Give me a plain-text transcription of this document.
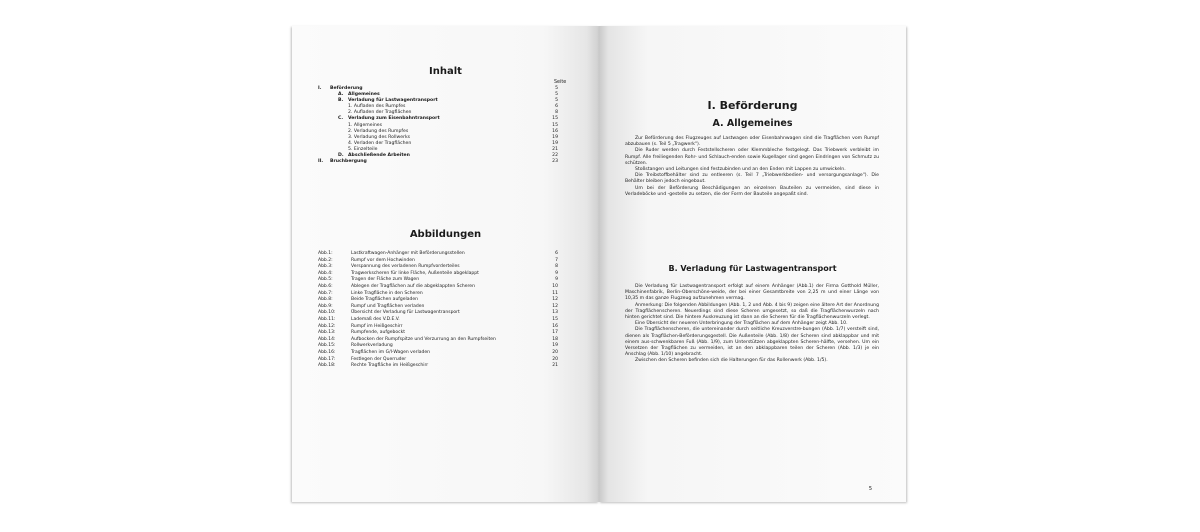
Inhalt
Seite
I. Beförderung	5
A. Allgemeines	5
B. Verladung für Lastwagentransport	5
1. Aufladen des Rumpfes	6
2. Aufladen der Tragflächen	8
C. Verladung zum Eisenbahntransport	15
1. Allgemeines	15
2. Verladung des Rumpfes	16
3. Verladung des Rollwerks	19
4. Verladen der Tragflächen	19
5. Einzelteile	21
D. Abschließende Arbeiten	22
II. Bruchbergung	23
Abbildungen
Abb.1:	Lastkraftwagen-Anhänger mit Beförderungsstellen	6
Abb.2:	Rumpf vor dem Hochwinden	7
Abb.3:	Verspannung des verladenen Rumpfvorderteiles	8
Abb.4:	Tragwerkscheren für linke Fläche, Außenteile abgeklappt	9
Abb.5:	Tragen der Fläche zum Wagen	9
Abb.6:	Ablegen der Tragflächen auf die abgeklappten Scheren	10
Abb.7:	Linke Tragfläche in den Scheren	11
Abb.8:	Beide Tragflächen aufgeladen	12
Abb.9:	Rumpf und Tragflächen verladen	12
Abb.10:	Übersicht der Verladung für Lastwagentransport	13
Abb.11:	Lademaß des V.D.E.V.	15
Abb.12:	Rumpf im Heißgeschirr	16
Abb.13:	Rumpfende, aufgebockt	17
Abb.14:	Aufbocken der Rumpfspitze und Verzurrung an den Rumpfseiten	18
Abb.15:	Rollwerkverladung	19
Abb.16:	Tragflächen im G/I-Wagen verladen	20
Abb.17:	Festlegen der Querruder	20
Abb.18:	Rechte Tragfläche im Heißgeschirr	21
I. Beförderung
A. Allgemeines

Zur Beförderung des Flugzeuges auf Lastwagen oder Eisenbahnwagen sind die Tragflächen vom Rumpf abzubauen (s. Teil 5 „Tragwerk").

Die Ruder werden durch Feststellscheren oder Klemmbleche festgelegt. Das Triebwerk verbleibt im Rumpf. Alle freiliegenden Rohr- und Schlauch-enden sowie Kugellager sind gegen Eindringen von Schmutz zu schützen.

Stoßstangen und Leitungen sind festzubinden und an den Enden mit Lappen zu umwickeln.

Die Treibstoffbehälter sind zu entleeren (s. Teil 7 „Triebwerkbedien- und versorgungsanlage"). Die Behälter bleiben jedoch eingebaut.

Um bei der Beförderung Beschädigungen an einzelnen Bauteilen zu vermeiden, sind diese in Verladeböcke und -gestelle zu setzen, die der Form der Bauteile angepaßt sind.

B. Verladung für Lastwagentransport

Die Verladung für Lastwagentransport erfolgt auf einem Anhänger (Abb.1) der Firma Gotthold Müller, Maschinenfabrik, Berlin-Oberschöne-weide, der bei einer Gesamtbreite von 2,25 m und einer Länge von 10,35 m das ganze Flugzeug aufzunehmen vermag.

Anmerkung: Die folgenden Abbildungen (Abb. 1, 2 und Abb. 4 bis 9) zeigen eine ältere Art der Anordnung der Tragflächenscheren. Neuerdings sind diese Scheren umgesetzt, so daß die Tragflächenwurzeln nach hinten gerichtet sind. Die hintere Auskreuzung ist dann an die Scheren für die Tragflächenwurzeln verlegt.

Eine Übersicht der neueren Unterbringung der Tragflächen auf dem Anhänger zeigt Abb. 10.

Die Tragflächenscheren, die untereinander durch seitliche Kreuzverstre-bungen (Abb. 1/7) versteift sind, dienen als Tragflächen-Beförderungsgestell. Die Außenteile (Abb. 1/8) der Scheren sind abklappbar und mit einem aus-schwenkbaren Fuß (Abb. 1/9), zum Unterstützen abgeklappten Scheren-hälfte, versehen. Um ein Versetzen der Tragflächen zu vermeiden, ist an den abklappbaren teilen der Scheren (Abb. 1/3) je ein Anschlag (Abb. 1/10) angebracht.

Zwischen den Scheren befinden sich die Halterungen für das Rollenwerk (Abb. 1/5).

5
